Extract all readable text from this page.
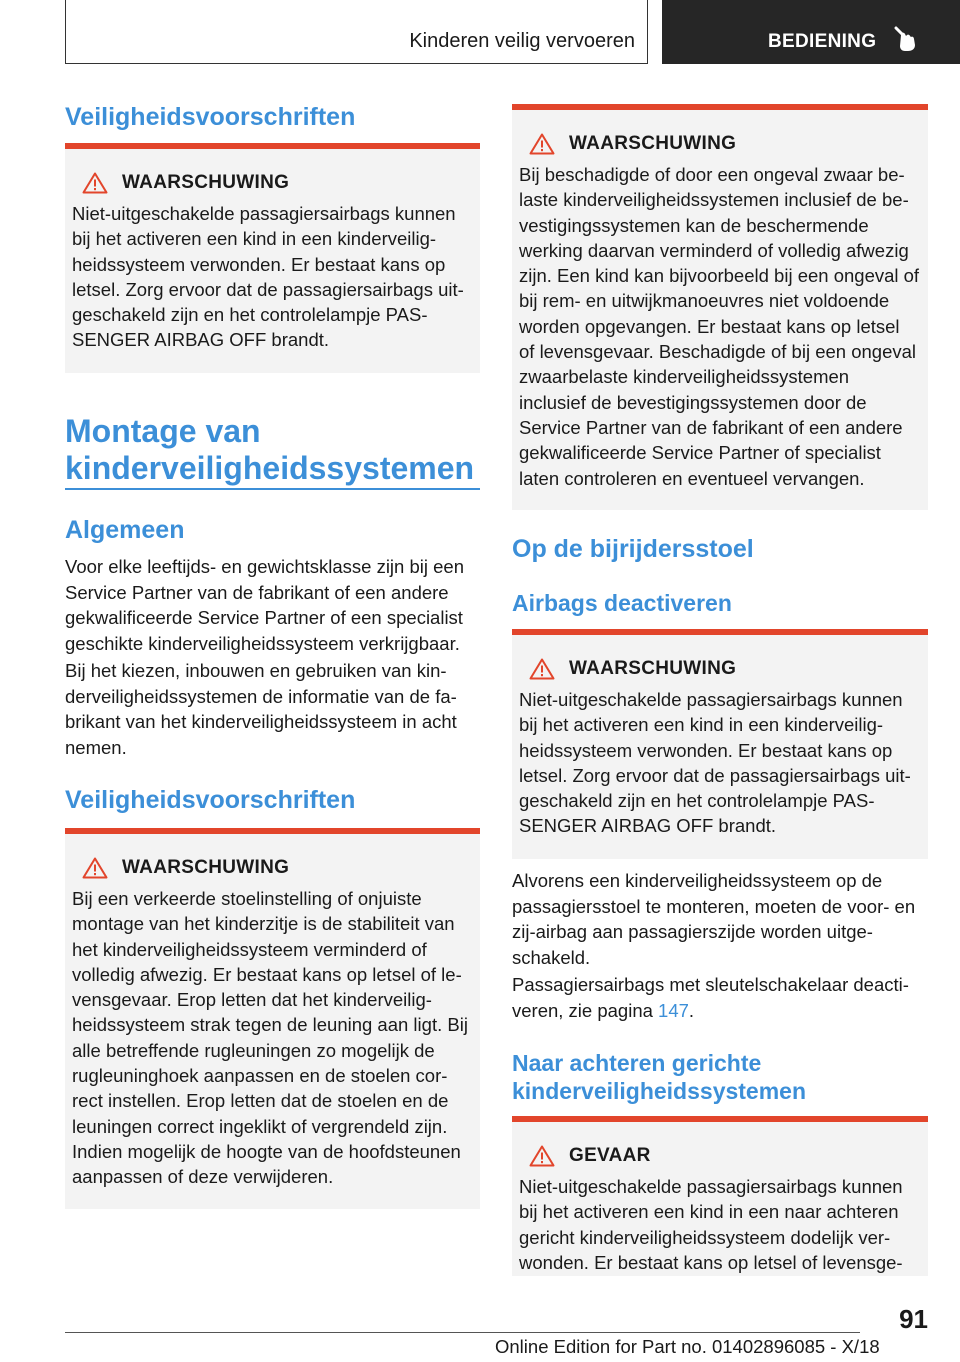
Kinderen veilig vervoeren	BEDIENING
Veiligheidsvoorschriften
WAARSCHUWING

Niet-uitgeschakelde passagiersairbags kunnen bij het activeren een kind in een kinderveiligheidssysteem verwonden. Er bestaat kans op letsel. Zorg ervoor dat de passagiersairbags uitgeschakeld zijn en het controlelampje PASSENGER AIRBAG OFF brandt.

Montage van
kinderveiligheidssystemen
Algemeen

Voor elke leeftijds- en gewichtsklasse zijn bij een Service Partner van de fabrikant of een andere gekwalificeerde Service Partner of een specialist geschikte kinderveiligheidssysteem verkrijgbaar.

Bij het kiezen, inbouwen en gebruiken van kinderveiligheidssystemen de informatie van de fabrikant van het kinderveiligheidssysteem in acht nemen.

Veiligheidsvoorschriften
WAARSCHUWING

Bij een verkeerde stoelinstelling of onjuiste montage van het kinderzitje is de stabiliteit van het kinderveiligheidssysteem verminderd of volledig afwezig. Er bestaat kans op letsel of levensgevaar. Erop letten dat het kinderveiligheidssysteem strak tegen de leuning aan ligt. Bij alle betreffende rugleuningen zo mogelijk de rugleuninghoek aanpassen en de stoelen correct instellen. Erop letten dat de stoelen en de leuningen correct ingeklikt of vergrendeld zijn. Indien mogelijk de hoogte van de hoofdsteunen aanpassen of deze verwijderen.

WAARSCHUWING

Bij beschadigde of door een ongeval zwaar belaste kinderveiligheidssystemen inclusief de bevestigingssystemen kan de beschermende werking daarvan verminderd of volledig afwezig zijn. Een kind kan bijvoorbeeld bij een ongeval of bij rem- en uitwijkmanoeuvres niet voldoende worden opgevangen. Er bestaat kans op letsel of levensgevaar. Beschadigde of bij een ongeval zwaarbelaste kinderveiligheidssystemen inclusief de bevestigingssystemen door de Service Partner van de fabrikant of een andere gekwalificeerde Service Partner of specialist laten controleren en eventueel vervangen.

Op de bijrijdersstoel
Airbags deactiveren
WAARSCHUWING

Niet-uitgeschakelde passagiersairbags kunnen bij het activeren een kind in een kinderveiligheidssysteem verwonden. Er bestaat kans op letsel. Zorg ervoor dat de passagiersairbags uitgeschakeld zijn en het controlelampje PASSENGER AIRBAG OFF brandt.

Alvorens een kinderveiligheidssysteem op de passagiersstoel te monteren, moeten de voor- en zij-airbag aan passagierszijde worden uitgeschakeld.

Passagiersairbags met sleutelschakelaar deactiveren, zie pagina 147.

Naar achteren gerichte
kinderveiligheidssystemen
GEVAAR

Niet-uitgeschakelde passagiersairbags kunnen bij het activeren een kind in een naar achteren gericht kinderveiligheidssysteem dodelijk verwonden. Er bestaat kans op letsel of levensge-

91
Online Edition for Part no. 01402896085 - X/18
